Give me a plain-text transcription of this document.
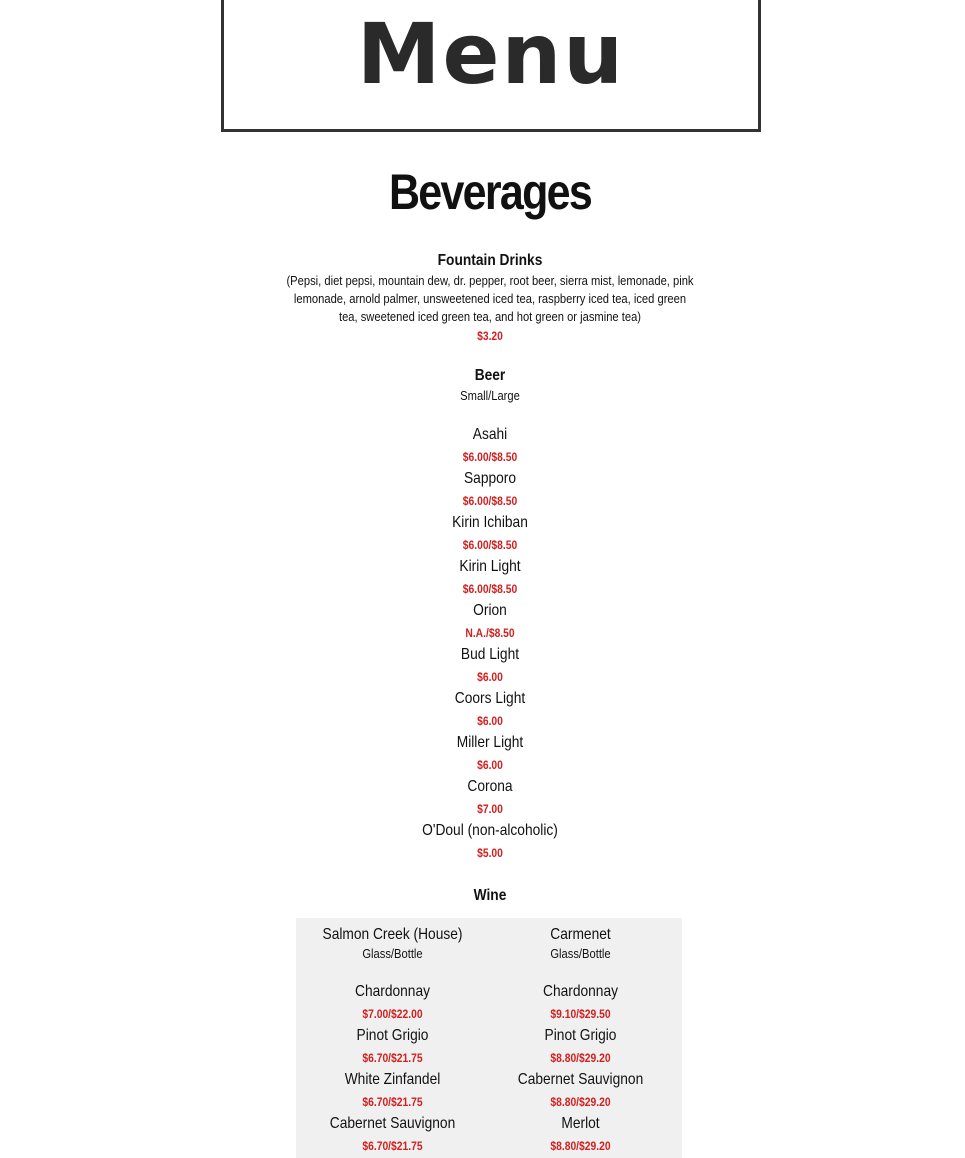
Menu
Beverages
Fountain Drinks
(Pepsi, diet pepsi, mountain dew, dr. pepper, root beer, sierra mist, lemonade, pink lemonade, arnold palmer, unsweetened iced tea, raspberry iced tea, iced green tea, sweetened iced green tea, and hot green or jasmine tea)
$3.20
Beer
Small/Large
Asahi
$6.00/$8.50
Sapporo
$6.00/$8.50
Kirin Ichiban
$6.00/$8.50
Kirin Light
$6.00/$8.50
Orion
N.A./$8.50
Bud Light
$6.00
Coors Light
$6.00
Miller Light
$6.00
Corona
$7.00
O'Doul (non-alcoholic)
$5.00
Wine
Salmon Creek (House)
Glass/Bottle
Chardonnay
$7.00/$22.00
Pinot Grigio
$6.70/$21.75
White Zinfandel
$6.70/$21.75
Cabernet Sauvignon
$6.70/$21.75
Carmenet
Glass/Bottle
Chardonnay
$9.10/$29.50
Pinot Grigio
$8.80/$29.20
Cabernet Sauvignon
$8.80/$29.20
Merlot
$8.80/$29.20
